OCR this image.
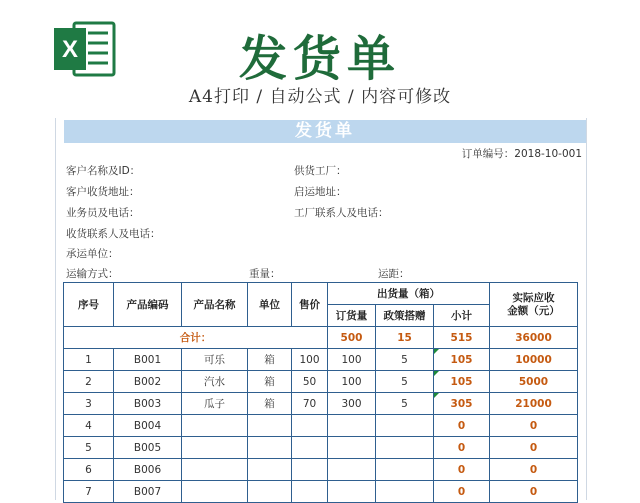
X	发货单
A4打印 / 自动公式 / 内容可修改
发货单
订单编号：2018-10-001
客户名称及ID：	供货工厂：
客户收货地址：	启运地址：
业务员及电话：	工厂联系人及电话：
收货联系人及电话：
承运单位：
运输方式：	重量：	运距：
序号	产品编码	产品名称	单位	售价	出货量（箱）			实际应收
金额（元）
					订货量	政策搭赠	小计	
合计：					500	15	515	36000
1	B001	可乐	箱	100	100	5	105	10000
2	B002	汽水	箱	50	100	5	105	5000
3	B003	瓜子	箱	70	300	5	305	21000
4	B004						0	0
5	B005						0	0
6	B006						0	0
7	B007						0	0
